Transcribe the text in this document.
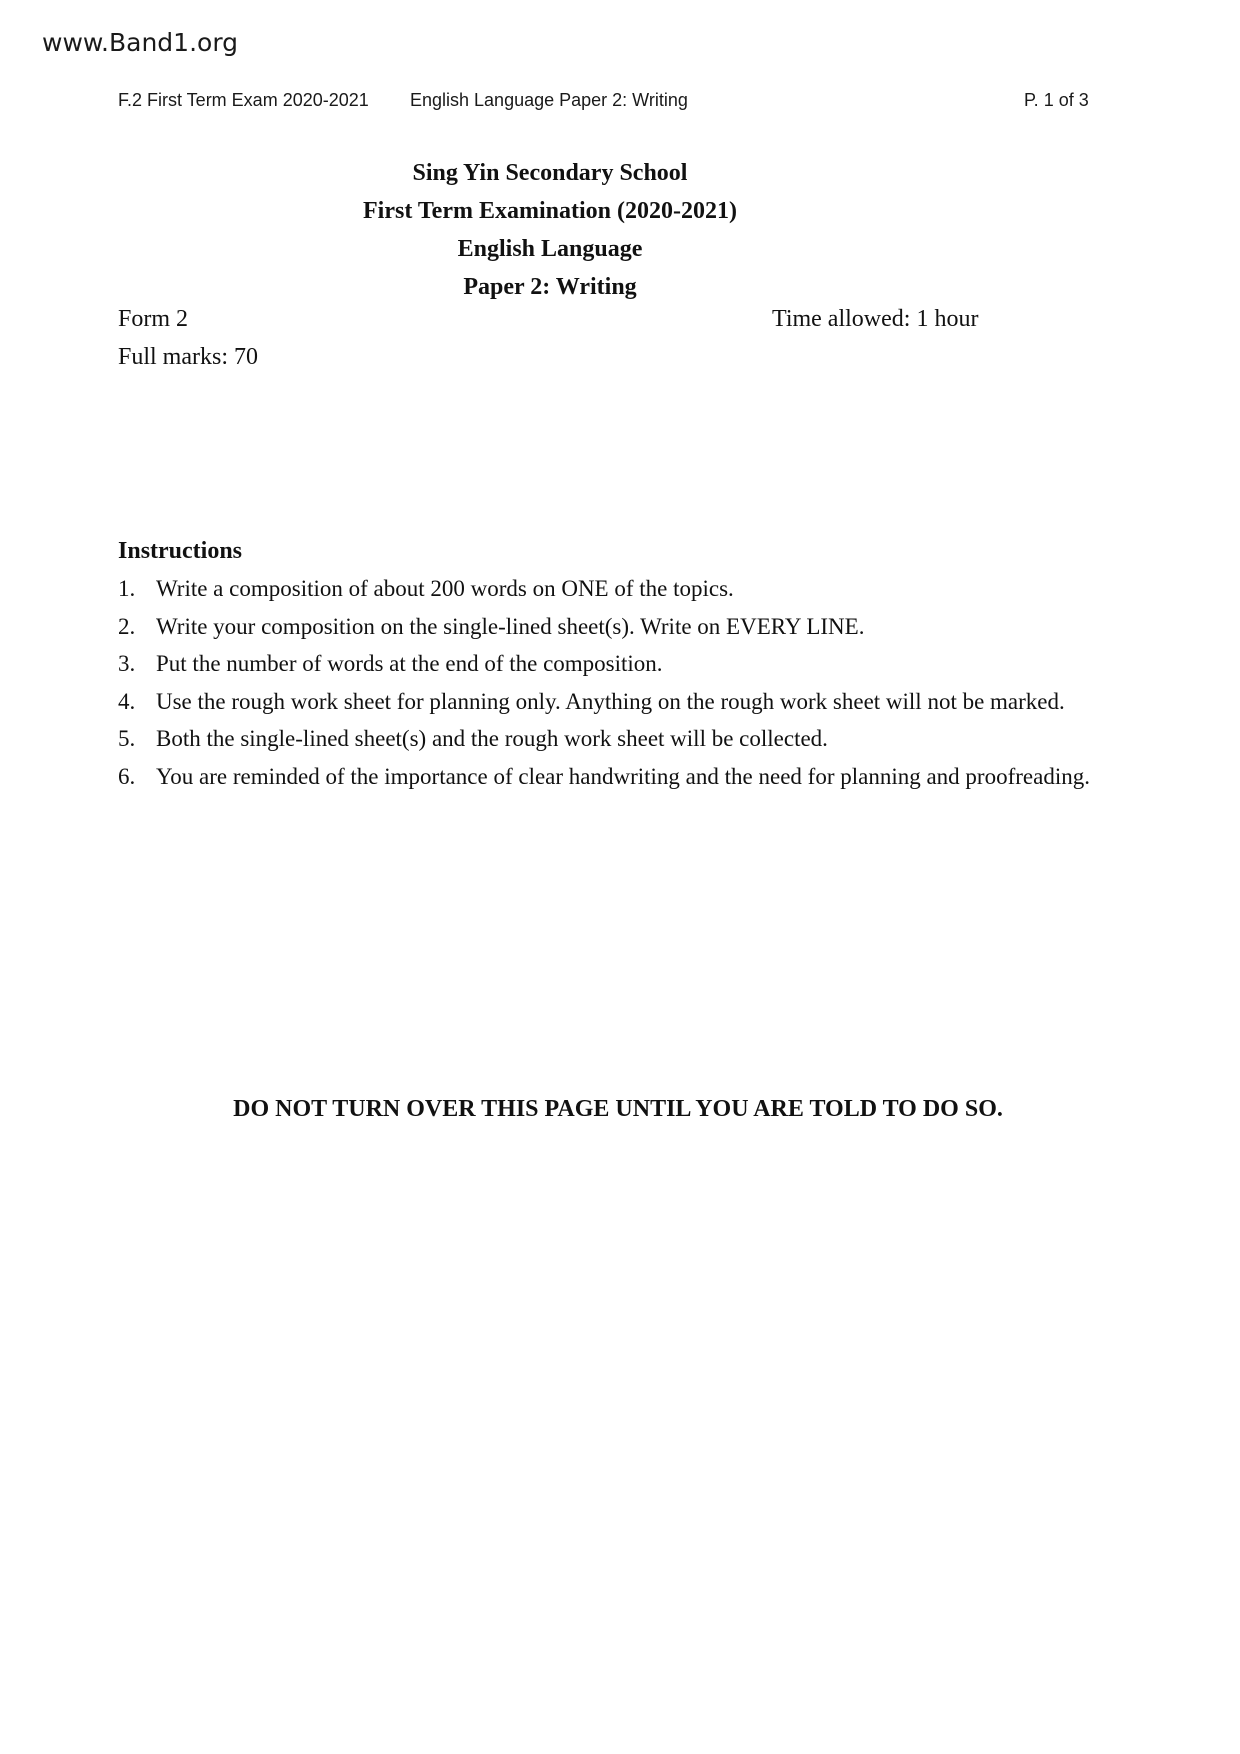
www.Band1.org
F.2 First Term Exam 2020-2021 English Language Paper 2: Writing	P. 1 of 3
Sing Yin Secondary School
First Term Examination (2020-2021)
English Language
Paper 2: Writing
Form 2
Full marks: 70
Time allowed: 1 hour
Instructions
1. Write a composition of about 200 words on ONE of the topics.
2. Write your composition on the single-lined sheet(s). Write on EVERY LINE.
3. Put the number of words at the end of the composition.
4. Use the rough work sheet for planning only. Anything on the rough work sheet will not be marked.
5. Both the single-lined sheet(s) and the rough work sheet will be collected.
6. You are reminded of the importance of clear handwriting and the need for planning and proofreading.
DO NOT TURN OVER THIS PAGE UNTIL YOU ARE TOLD TO DO SO.
